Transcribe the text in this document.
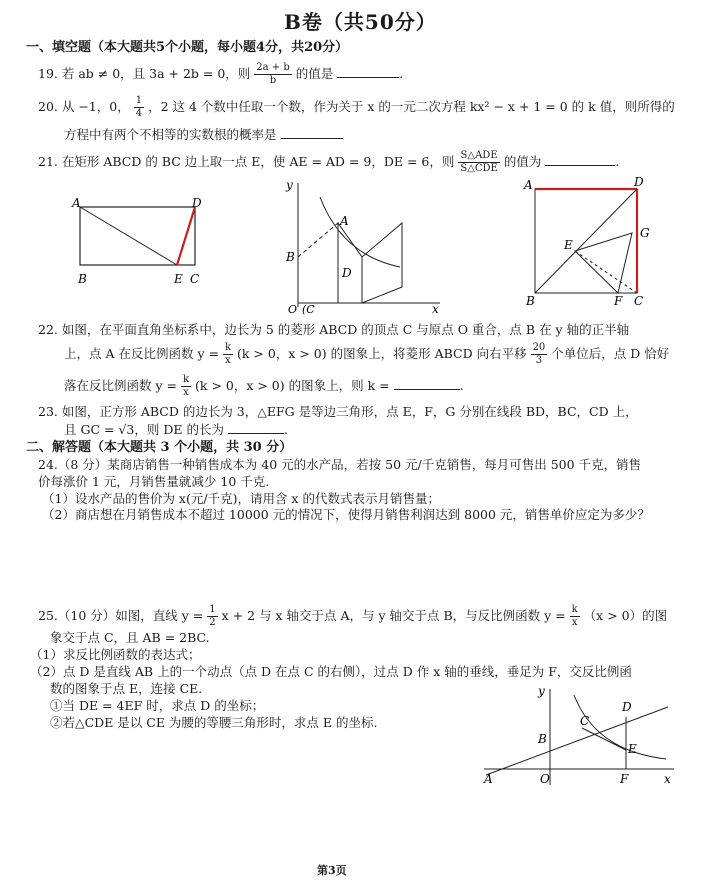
B卷（共50分）
一、填空题（本大题共5个小题，每小题4分，共20分）
19. 若 ab ≠ 0，且 3a + 2b = 0，则 $\frac{2a + b}{b}$ 的值是	.
20. 从 −1，0， $\frac{1}{4}$ ，2 这 4 个数中任取一个数，作为关于 x 的一元二次方程 kx² − x + 1 = 0 的 k 值，则所得的
方程中有两个不相等的实数根的概率是
21. 在矩形 ABCD 的 BC 边上取一点 E，使 AE = AD = 9，DE = 6，则 $\frac{\text{S△ADE}}{\text{S△CDE}}$ 的值为	.
A	D
B	E C
y
A
B
D
O (C	x
A	D
E
G
B	F C
22. 如图，在平面直角坐标系中，边长为 5 的菱形 ABCD 的顶点 C 与原点 O 重合，点 B 在 y 轴的正半轴
上，点 A 在反比例函数 $y = \frac{k}{x} (k > 0$，x > 0) 的图象上，将菱形 ABCD 向右平移 $\frac{20}{3}$ 个单位后，点 D 恰好
落在反比例函数 $y = \frac{k}{x} (k > 0$，x > 0) 的图象上，则 k =	.
23. 如图，正方形 ABCD 的边长为 3，△EFG 是等边三角形，点 E，F，G 分别在线段 BD，BC，CD 上，
且 GC = √3，则 DE 的长为	.
二、解答题（本大题共 3 个小题，共 30 分）
24.（8 分）某商店销售一种销售成本为 40 元的水产品，若按 50 元/千克销售，每月可售出 500 千克，销售
价每涨价 1 元，月销售量就减少 10 千克.
（1）设水产品的售价为 x(元/千克)，请用含 x 的代数式表示月销售量；
（2）商店想在月销售成本不超过 10000 元的情况下，使得月销售利润达到 8000 元，销售单价应定为多少？
25.（10 分）如图，直线 $y = \frac{1}{2}$ x + 2 与 x 轴交于点 A，与 y 轴交于点 B，与反比例函数 $y = \frac{k}{x} (x > 0)$的图
象交于点 C，且 AB = 2BC.
（1）求反比例函数的表达式；
（2）点 D 是直线 AB 上的一个动点（点 D 在点 C 的右侧），过点 D 作 x 轴的垂线，垂足为 F，交反比例函
数的图象于点 E，连接 CE.
①当 DE = 4EF 时，求点 D 的坐标；
②若△CDE 是以 CE 为腰的等腰三角形时，求点 E 的坐标.
y
D
C
B
E
A	O	F	x
第3页
